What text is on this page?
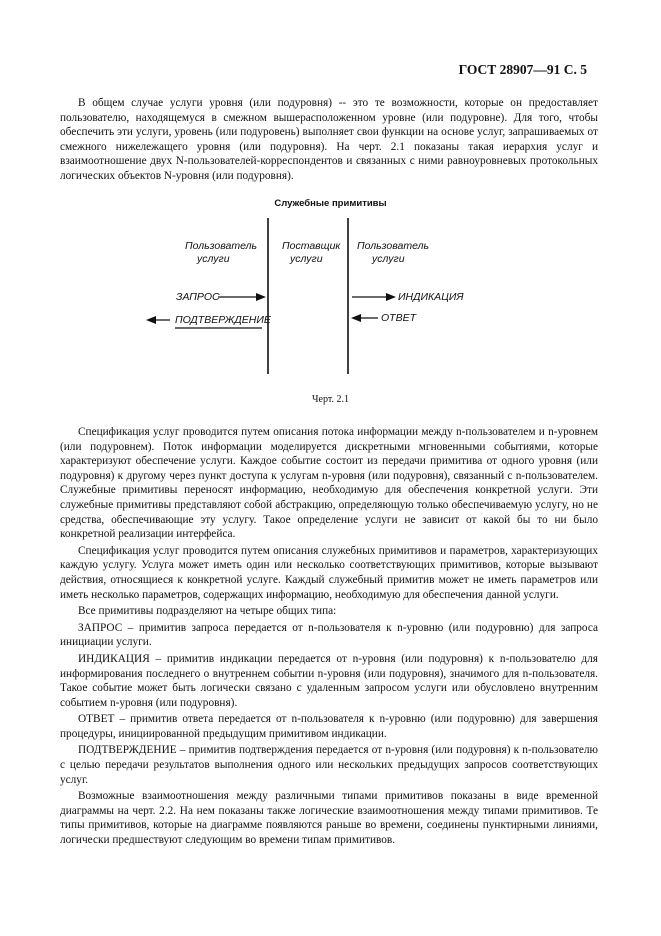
ГОСТ 28907—91 С. 5

В общем случае услуги уровня (или подуровня) -- это те возможности, которые он предоставляет пользователю, находящемуся в смежном вышерасположенном уровне (или подуровне). Для того, чтобы обеспечить эти услуги, уровень (или подуровень) выполняет свои функции на основе услуг, запрашиваемых от смежного нижележащего уровня (или подуровня). На черт. 2.1 показаны такая иерархия услуг и взаимоотношение двух N-пользователей-корреспондентов и связанных с ними равноуровневых протокольных логических объектов N-уровня (или подуровня).

Служебные примитивы
Пользователь
услуги
Поставщик
услуги
Пользователь
услуги
ЗАПРОС
ПОДТВЕРЖДЕНИЕ
ИНДИКАЦИЯ
ОТВЕТ
Черт. 2.1

Спецификация услуг проводится путем описания потока информации между n-пользователем и n-уровнем (или подуровнем). Поток информации моделируется дискретными мгновенными событиями, которые характеризуют обеспечение услуги. Каждое событие состоит из передачи примитива от одного уровня (или подуровня) к другому через пункт доступа к услугам n-уровня (или подуровня), связанный с n-пользователем. Служебные примитивы переносят информацию, необходимую для обеспечения конкретной услуги. Эти служебные примитивы представляют собой абстракцию, определяющую только обеспечиваемую услугу, но не средства, обеспечивающие эту услугу. Такое определение услуги не зависит от какой бы то ни было конкретной реализации интерфейса.

Спецификация услуг проводится путем описания служебных примитивов и параметров, характеризующих каждую услугу. Услуга может иметь один или несколько соответствующих примитивов, которые вызывают действия, относящиеся к конкретной услуге. Каждый служебный примитив может не иметь параметров или иметь несколько параметров, содержащих информацию, необходимую для обеспечения данной услуги.

Все примитивы подразделяют на четыре общих типа:

ЗАПРОС – примитив запроса передается от n-пользователя к n-уровню (или подуровню) для запроса инициации услуги.

ИНДИКАЦИЯ – примитив индикации передается от n-уровня (или подуровня) к n-пользователю для информирования последнего о внутреннем событии n-уровня (или подуровня), значимого для n-пользователя. Такое событие может быть логически связано с удаленным запросом услуги или обусловлено внутренним событием n-уровня (или подуровня).

ОТВЕТ – примитив ответа передается от n-пользователя к n-уровню (или подуровню) для завершения процедуры, инициированной предыдущим примитивом индикации.

ПОДТВЕРЖДЕНИЕ – примитив подтверждения передается от n-уровня (или подуровня) к n-пользователю с целью передачи результатов выполнения одного или нескольких предыдущих запросов соответствующих услуг.

Возможные взаимоотношения между различными типами примитивов показаны в виде временной диаграммы на черт. 2.2. На нем показаны также логические взаимоотношения между типами примитивов. Те типы примитивов, которые на диаграмме появляются раньше во времени, соединены пунктирными линиями, логически предшествуют следующим во времени типам примитивов.
